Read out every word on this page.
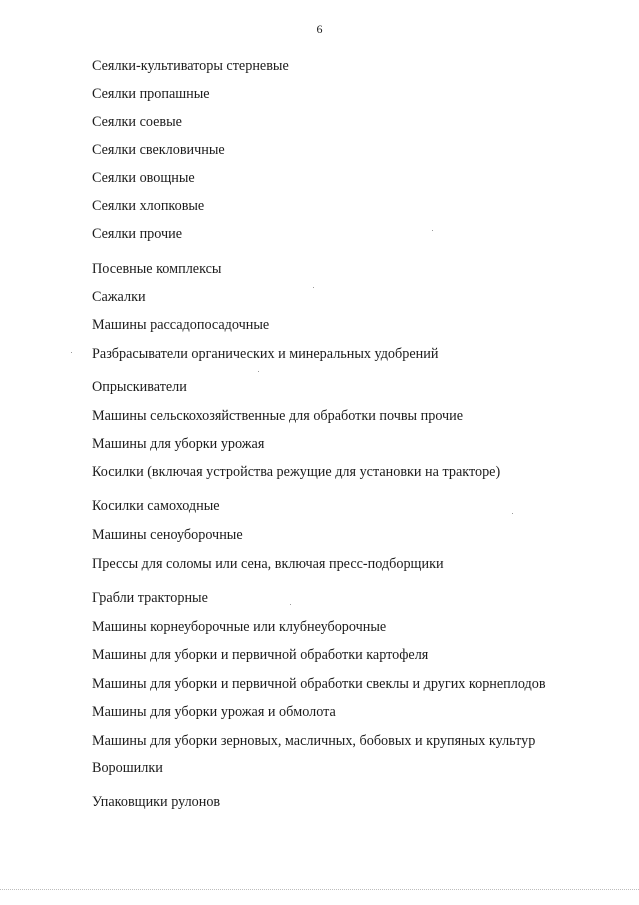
6
Сеялки-культиваторы стерневые
Сеялки пропашные
Сеялки соевые
Сеялки свекловичные
Сеялки овощные
Сеялки хлопковые
Сеялки прочие
Посевные комплексы
Сажалки
Машины рассадопосадочные
Разбрасыватели органических и минеральных удобрений
Опрыскиватели
Машины сельскохозяйственные для обработки почвы прочие
Машины для уборки урожая
Косилки (включая устройства режущие для установки на тракторе)
Косилки самоходные
Машины сеноуборочные
Прессы для соломы или сена, включая пресс-подборщики
Грабли тракторные
Машины корнеуборочные или клубнеуборочные
Машины для уборки и первичной обработки картофеля
Машины для уборки и первичной обработки свеклы и других корнеплодов
Машины для уборки урожая и обмолота
Машины для уборки зерновых, масличных, бобовых и крупяных культур
Ворошилки
Упаковщики рулонов
